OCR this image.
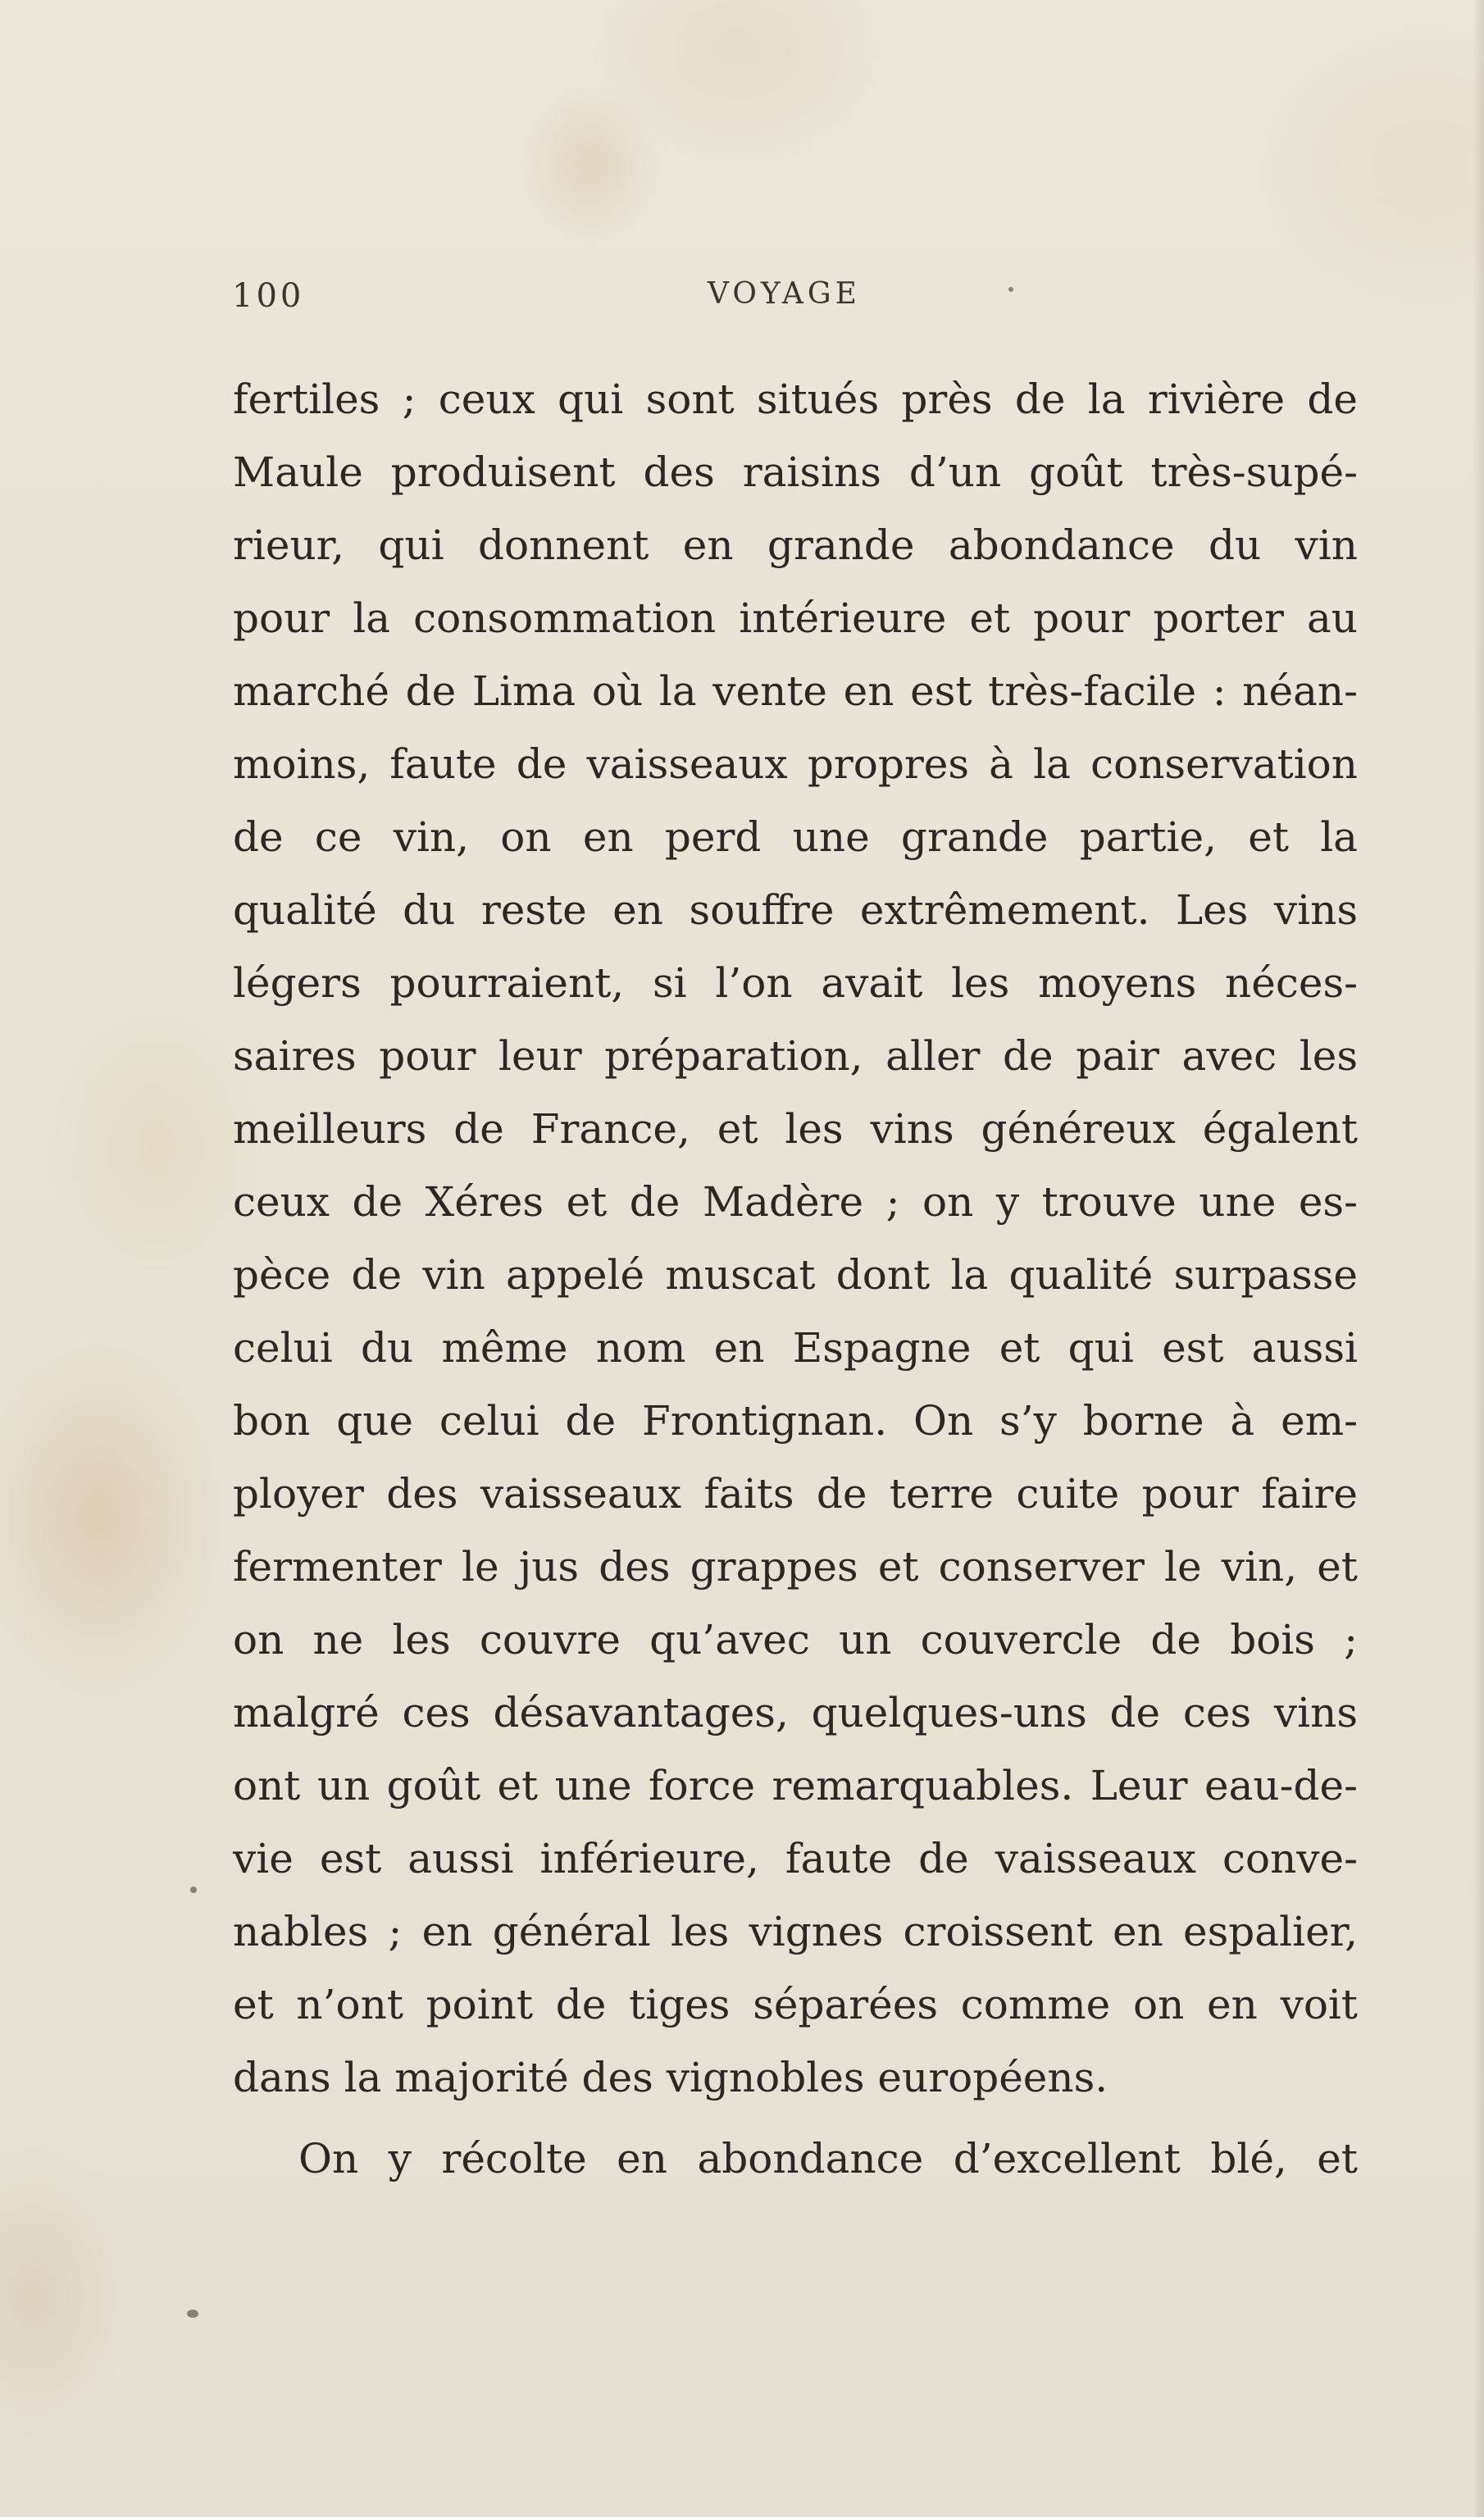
100	VOYAGE
fertiles ; ceux qui sont situés près de la rivière de
Maule produisent des raisins d’un goût très-supé-
rieur, qui donnent en grande abondance du vin
pour la consommation intérieure et pour porter au
marché de Lima où la vente en est très-facile : néan-
moins, faute de vaisseaux propres à la conservation
de ce vin, on en perd une grande partie, et la
qualité du reste en souffre extrêmement. Les vins
légers pourraient, si l’on avait les moyens néces-
saires pour leur préparation, aller de pair avec les
meilleurs de France, et les vins généreux égalent
ceux de Xéres et de Madère ; on y trouve une es-
pèce de vin appelé muscat dont la qualité surpasse
celui du même nom en Espagne et qui est aussi
bon que celui de Frontignan. On s’y borne à em-
ployer des vaisseaux faits de terre cuite pour faire
fermenter le jus des grappes et conserver le vin, et
on ne les couvre qu’avec un couvercle de bois ;
malgré ces désavantages, quelques-uns de ces vins
ont un goût et une force remarquables. Leur eau-de-
vie est aussi inférieure, faute de vaisseaux conve-
nables ; en général les vignes croissent en espalier,
et n’ont point de tiges séparées comme on en voit
dans la majorité des vignobles européens.
On y récolte en abondance d’excellent blé, et
